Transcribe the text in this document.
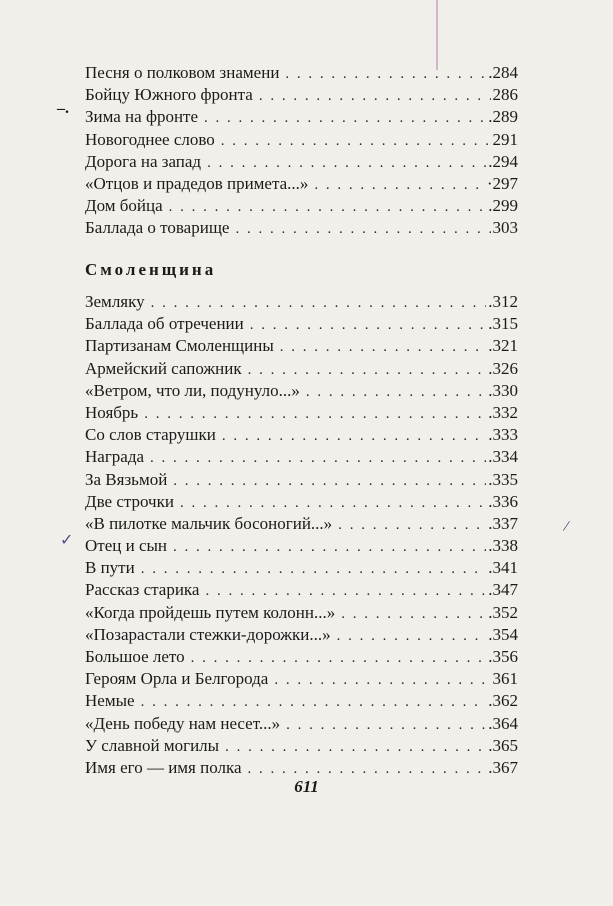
Песня о полковом знамени . . .	.284
Бойцу Южного фронта . . .	286
Зима на фронте . . .	.289
Новогоднее слово . . .	291
Дорога на запад . . .	.294
«Отцов и прадедов примета...» . . .	·297
Дом бойца . . .	.299
Баллада о товарище . . .	303
Смоленщина
Земляку . . .	.312
Баллада об отречении . . .	.315
Партизанам Смоленщины . . .	.321
Армейский сапожник . . .	.326
«Ветром, что ли, подунуло...» . . .	.330
Ноябрь . . .	.332
Со слов старушки . . .	.333
Награда . . .	.334
За Вязьмой . . .	.335
Две строчки . . .	.336
«В пилотке мальчик босоногий...» . . .	.337
Отец и сын . . .	.338
В пути . . .	.341
Рассказ старика . . .	.347
«Когда пройдешь путем колонн...» . . .	.352
«Позарастали стежки-дорожки...» . . .	.354
Большое лето . . .	.356
Героям Орла и Белгорода . . .	361
Немые . . .	.362
«День победу нам несет...» . . .	.364
У славной могилы . . .	.365
Имя его — имя полка . . .	.367
611
–.
✓
/
